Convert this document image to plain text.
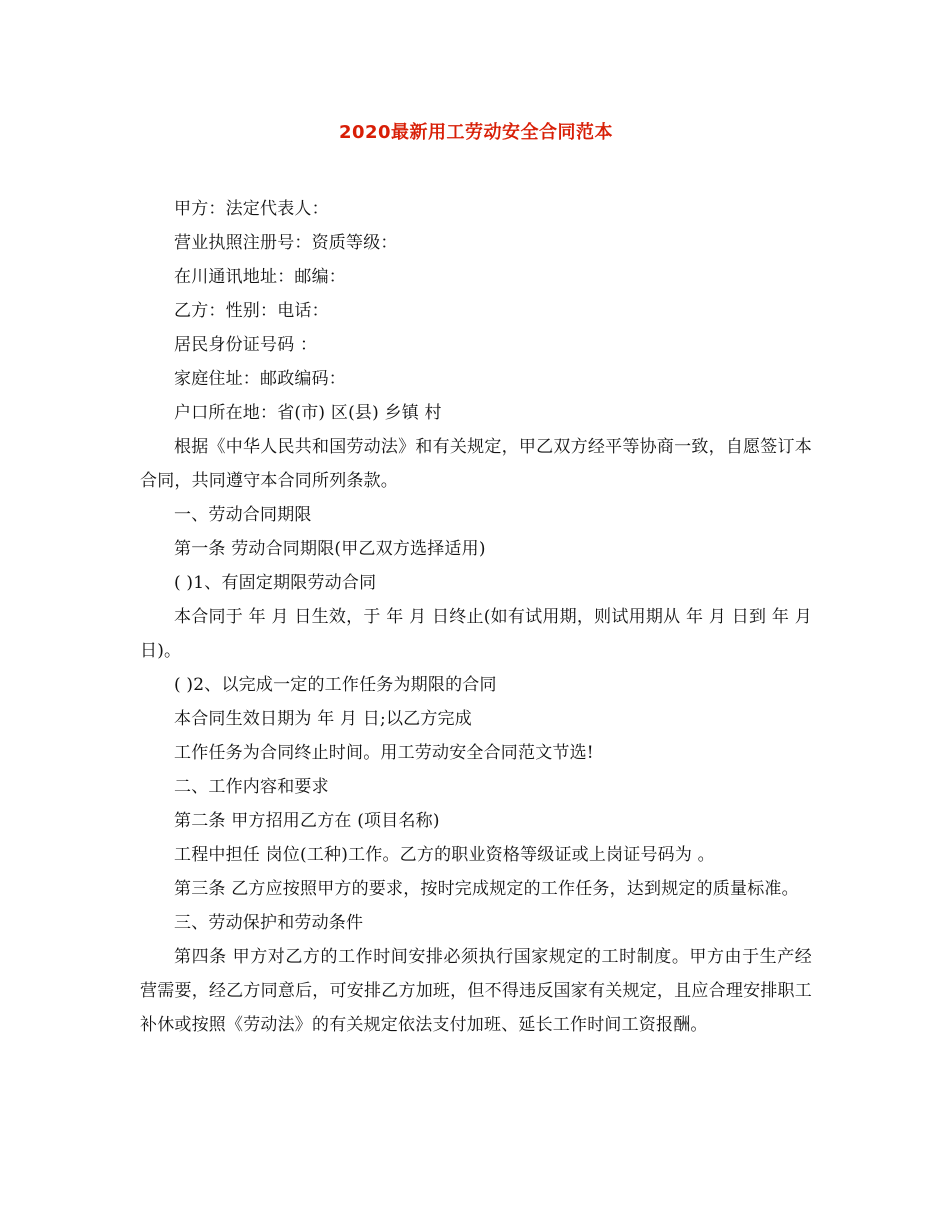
2020最新用工劳动安全合同范本

甲方：法定代表人：

营业执照注册号：资质等级：

在川通讯地址：邮编：

乙方：性别：电话：

居民身份证号码 ：

家庭住址：邮政编码：

户口所在地：省(市) 区(县) 乡镇 村

根据《中华人民共和国劳动法》和有关规定，甲乙双方经平等协商一致，自愿签订本合同，共同遵守本合同所列条款。

一、劳动合同期限

第一条 劳动合同期限(甲乙双方选择适用)

( )1、有固定期限劳动合同

本合同于 年 月 日生效，于 年 月 日终止(如有试用期，则试用期从 年 月 日到 年 月 日)。

( )2、以完成一定的工作任务为期限的合同

本合同生效日期为 年 月 日;以乙方完成

工作任务为合同终止时间。用工劳动安全合同范文节选!

二、工作内容和要求

第二条 甲方招用乙方在 (项目名称)

工程中担任 岗位(工种)工作。乙方的职业资格等级证或上岗证号码为 。

第三条 乙方应按照甲方的要求，按时完成规定的工作任务，达到规定的质量标准。

三、劳动保护和劳动条件

第四条 甲方对乙方的工作时间安排必须执行国家规定的工时制度。甲方由于生产经营需要，经乙方同意后，可安排乙方加班，但不得违反国家有关规定，且应合理安排职工补休或按照《劳动法》的有关规定依法支付加班、延长工作时间工资报酬。
